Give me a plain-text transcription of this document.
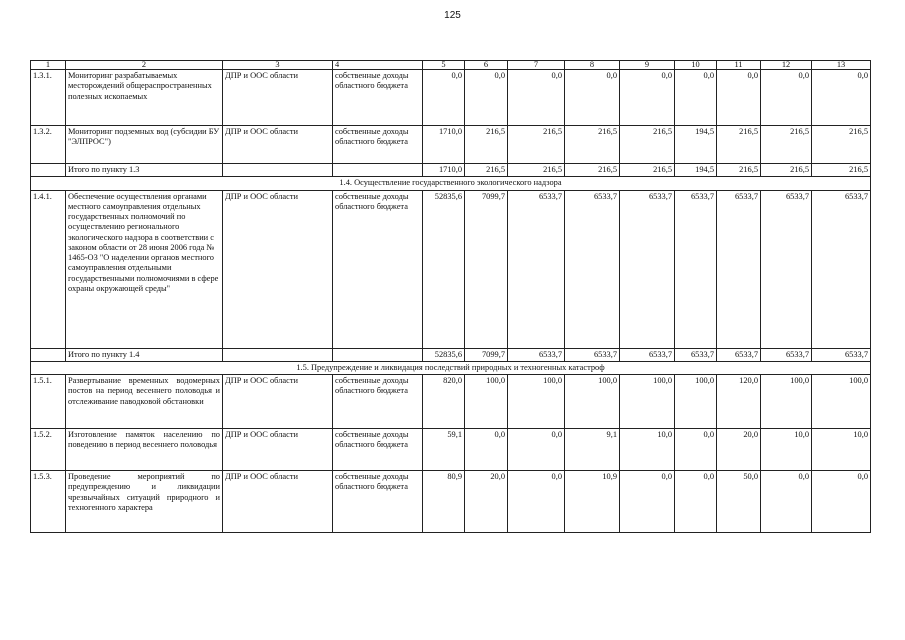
125
1	2	3	4	5	6	7	8	9	10	11	12	13
1.3.1.	Мониторинг разрабатываемых месторождений общераспространенных полезных ископаемых	ДПР и ООС области	собственные доходы областного бюджета	0,0	0,0	0,0	0,0	0,0	0,0	0,0	0,0	0,0
1.3.2.	Мониторинг подземных вод (субсидии БУ "ЭЛПРОС")	ДПР и ООС области	собственные доходы областного бюджета	1710,0	216,5	216,5	216,5	216,5	194,5	216,5	216,5	216,5
	Итого по пункту 1.3			1710,0	216,5	216,5	216,5	216,5	194,5	216,5	216,5	216,5
1.4. Осуществление государственного экологического надзора												
1.4.1.	Обеспечение осуществления органами местного самоуправления отдельных государственных полномочий по осуществлению регионального экологического надзора в соответствии с законом области от 28 июня 2006 года № 1465-ОЗ "О наделении органов местного самоуправления отдельными государственными полномочиями в сфере охраны окружающей среды"	ДПР и ООС области	собственные доходы областного бюджета	52835,6	7099,7	6533,7	6533,7	6533,7	6533,7	6533,7	6533,7	6533,7
	Итого по пункту 1.4			52835,6	7099,7	6533,7	6533,7	6533,7	6533,7	6533,7	6533,7	6533,7
1.5. Предупреждение и ликвидация последствий природных и техногенных катастроф												
1.5.1.	Развертывание временных водомерных постов на период весеннего половодья и отслеживание паводковой обстановки	ДПР и ООС области	собственные доходы областного бюджета	820,0	100,0	100,0	100,0	100,0	100,0	120,0	100,0	100,0
1.5.2.	Изготовление памяток населению по поведению в период весеннего половодья	ДПР и ООС области	собственные доходы областного бюджета	59,1	0,0	0,0	9,1	10,0	0,0	20,0	10,0	10,0
1.5.3.	Проведение мероприятий по предупреждению и ликвидации чрезвычайных ситуаций природного и техногенного характера	ДПР и ООС области	собственные доходы областного бюджета	80,9	20,0	0,0	10,9	0,0	0,0	50,0	0,0	0,0
